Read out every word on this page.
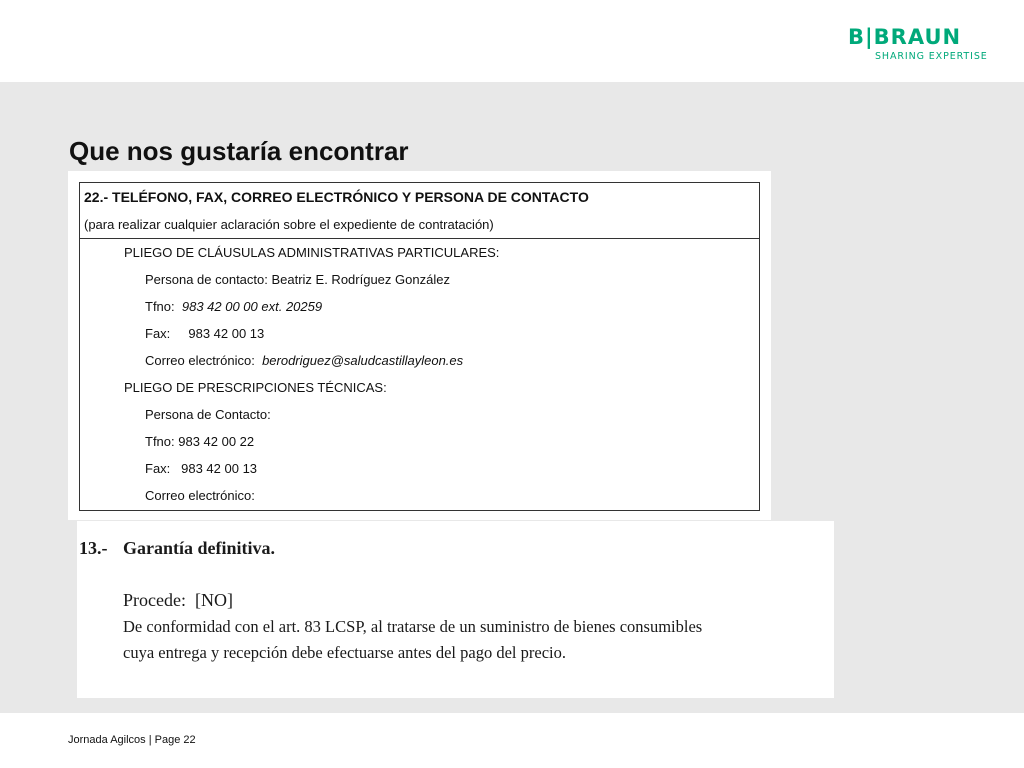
B|BRAUN
SHARING EXPERTISE
Que nos gustaría encontrar
22.- TELÉFONO, FAX, CORREO ELECTRÓNICO Y PERSONA DE CONTACTO
(para realizar cualquier aclaración sobre el expediente de contratación)
PLIEGO DE CLÁUSULAS ADMINISTRATIVAS PARTICULARES:
Persona de contacto: Beatriz E. Rodríguez González
Tfno: 983 42 00 00 ext. 20259
Fax: 983 42 00 13
Correo electrónico: berodriguez@saludcastillayleon.es
PLIEGO DE PRESCRIPCIONES TÉCNICAS:
Persona de Contacto:
Tfno: 983 42 00 22
Fax:   983 42 00 13
Correo electrónico:
13.- Garantía definitiva.
Procede:  [NO]
De conformidad con el art. 83 LCSP, al tratarse de un suministro de bienes consumibles
cuya entrega y recepción debe efectuarse antes del pago del precio.
Jornada Agilcos | Page 22
